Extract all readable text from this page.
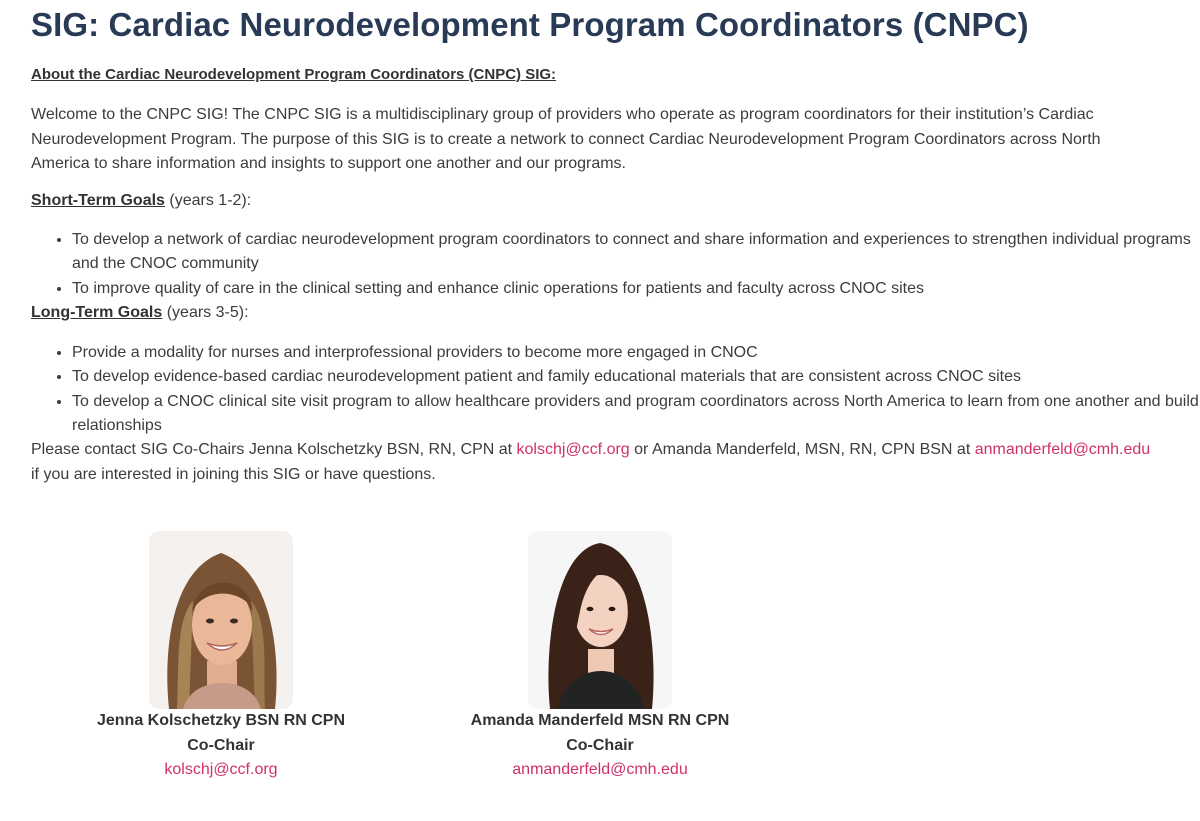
SIG: Cardiac Neurodevelopment Program Coordinators (CNPC)
About the Cardiac Neurodevelopment Program Coordinators (CNPC) SIG:

Welcome to the CNPC SIG! The CNPC SIG is a multidisciplinary group of providers who operate as program coordinators for their institution’s Cardiac Neurodevelopment Program. The purpose of this SIG is to create a network to connect Cardiac Neurodevelopment Program Coordinators across North America to share information and insights to support one another and our programs.

Short-Term Goals (years 1-2):
• To develop a network of cardiac neurodevelopment program coordinators to connect and share information and experiences to strengthen individual programs and the CNOC community
• To improve quality of care in the clinical setting and enhance clinic operations for patients and faculty across CNOC sites
Long-Term Goals (years 3-5):
• Provide a modality for nurses and interprofessional providers to become more engaged in CNOC
• To develop evidence-based cardiac neurodevelopment patient and family educational materials that are consistent across CNOC sites
• To develop a CNOC clinical site visit program to allow healthcare providers and program coordinators across North America to learn from one another and build relationships

Please contact SIG Co-Chairs Jenna Kolschetzky BSN, RN, CPN at kolschj@ccf.org or Amanda Manderfeld, MSN, RN, CPN BSN at anmanderfeld@cmh.edu if you are interested in joining this SIG or have questions.

Jenna Kolschetzky BSN RN CPN
Co-Chair
kolschj@ccf.org
Amanda Manderfeld MSN RN CPN
Co-Chair
anmanderfeld@cmh.edu
